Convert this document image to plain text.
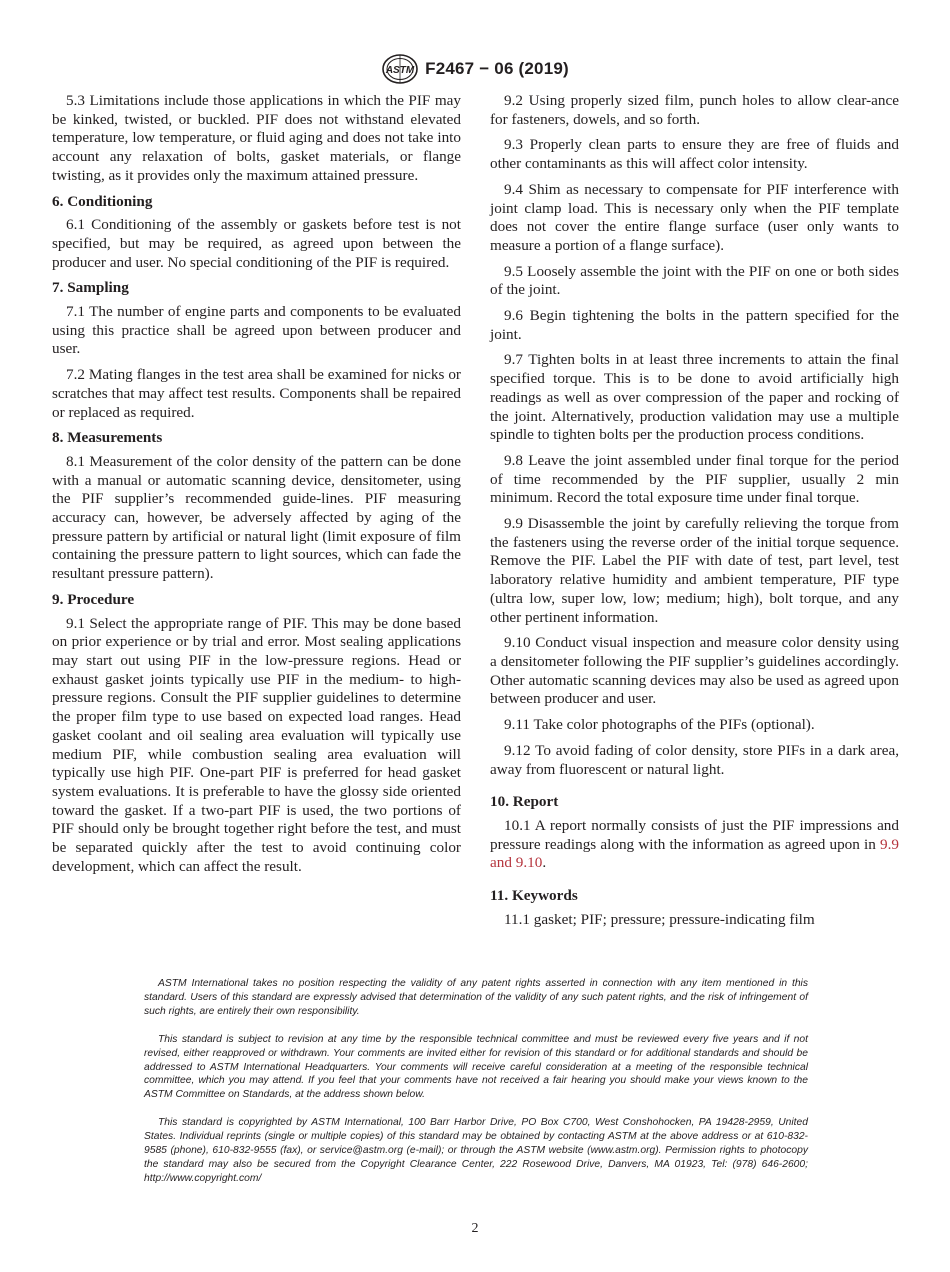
ASTM F2467 − 06 (2019)

5.3 Limitations include those applications in which the PIF may be kinked, twisted, or buckled. PIF does not withstand elevated temperature, low temperature, or fluid aging and does not take into account any relaxation of bolts, gasket materials, or flange twisting, as it provides only the maximum attained pressure.

6. Conditioning

6.1 Conditioning of the assembly or gaskets before test is not specified, but may be required, as agreed upon between the producer and user. No special conditioning of the PIF is required.

7. Sampling

7.1 The number of engine parts and components to be evaluated using this practice shall be agreed upon between producer and user.

7.2 Mating flanges in the test area shall be examined for nicks or scratches that may affect test results. Components shall be repaired or replaced as required.

8. Measurements

8.1 Measurement of the color density of the pattern can be done with a manual or automatic scanning device, densitometer, using the PIF supplier’s recommended guide-lines. PIF measuring accuracy can, however, be adversely affected by aging of the pressure pattern by artificial or natural light (limit exposure of film containing the pressure pattern to light sources, which can fade the resultant pressure pattern).

9. Procedure

9.1 Select the appropriate range of PIF. This may be done based on prior experience or by trial and error. Most sealing applications may start out using PIF in the low-pressure regions. Head or exhaust gasket joints typically use PIF in the medium- to high-pressure regions. Consult the PIF supplier guidelines to determine the proper film type to use based on expected load ranges. Head gasket coolant and oil sealing area evaluation will typically use medium PIF, while combustion sealing area evaluation will typically use high PIF. One-part PIF is preferred for head gasket system evaluations. It is preferable to have the glossy side oriented toward the gasket. If a two-part PIF is used, the two portions of PIF should only be brought together right before the test, and must be separated quickly after the test to avoid continuing color development, which can affect the result.

9.2 Using properly sized film, punch holes to allow clear-ance for fasteners, dowels, and so forth.

9.3 Properly clean parts to ensure they are free of fluids and other contaminants as this will affect color intensity.

9.4 Shim as necessary to compensate for PIF interference with joint clamp load. This is necessary only when the PIF template does not cover the entire flange surface (user only wants to measure a portion of a flange surface).

9.5 Loosely assemble the joint with the PIF on one or both sides of the joint.

9.6 Begin tightening the bolts in the pattern specified for the joint.

9.7 Tighten bolts in at least three increments to attain the final specified torque. This is to be done to avoid artificially high readings as well as over compression of the paper and rocking of the joint. Alternatively, production validation may use a multiple spindle to tighten bolts per the production process conditions.

9.8 Leave the joint assembled under final torque for the period of time recommended by the PIF supplier, usually 2 min minimum. Record the total exposure time under final torque.

9.9 Disassemble the joint by carefully relieving the torque from the fasteners using the reverse order of the initial torque sequence. Remove the PIF. Label the PIF with date of test, part level, test laboratory relative humidity and ambient temperature, PIF type (ultra low, super low, low; medium; high), bolt torque, and any other pertinent information.

9.10 Conduct visual inspection and measure color density using a densitometer following the PIF supplier’s guidelines accordingly. Other automatic scanning devices may also be used as agreed upon between producer and user.

9.11 Take color photographs of the PIFs (optional).

9.12 To avoid fading of color density, store PIFs in a dark area, away from fluorescent or natural light.

10. Report

10.1 A report normally consists of just the PIF impressions and pressure readings along with the information as agreed upon in 9.9 and 9.10.

11. Keywords

11.1 gasket; PIF; pressure; pressure-indicating film

ASTM International takes no position respecting the validity of any patent rights asserted in connection with any item mentioned in this standard. Users of this standard are expressly advised that determination of the validity of any such patent rights, and the risk of infringement of such rights, are entirely their own responsibility.

This standard is subject to revision at any time by the responsible technical committee and must be reviewed every five years and if not revised, either reapproved or withdrawn. Your comments are invited either for revision of this standard or for additional standards and should be addressed to ASTM International Headquarters. Your comments will receive careful consideration at a meeting of the responsible technical committee, which you may attend. If you feel that your comments have not received a fair hearing you should make your views known to the ASTM Committee on Standards, at the address shown below.

This standard is copyrighted by ASTM International, 100 Barr Harbor Drive, PO Box C700, West Conshohocken, PA 19428-2959, United States. Individual reprints (single or multiple copies) of this standard may be obtained by contacting ASTM at the above address or at 610-832-9585 (phone), 610-832-9555 (fax), or service@astm.org (e-mail); or through the ASTM website (www.astm.org). Permission rights to photocopy the standard may also be secured from the Copyright Clearance Center, 222 Rosewood Drive, Danvers, MA 01923, Tel: (978) 646-2600; http://www.copyright.com/

2
